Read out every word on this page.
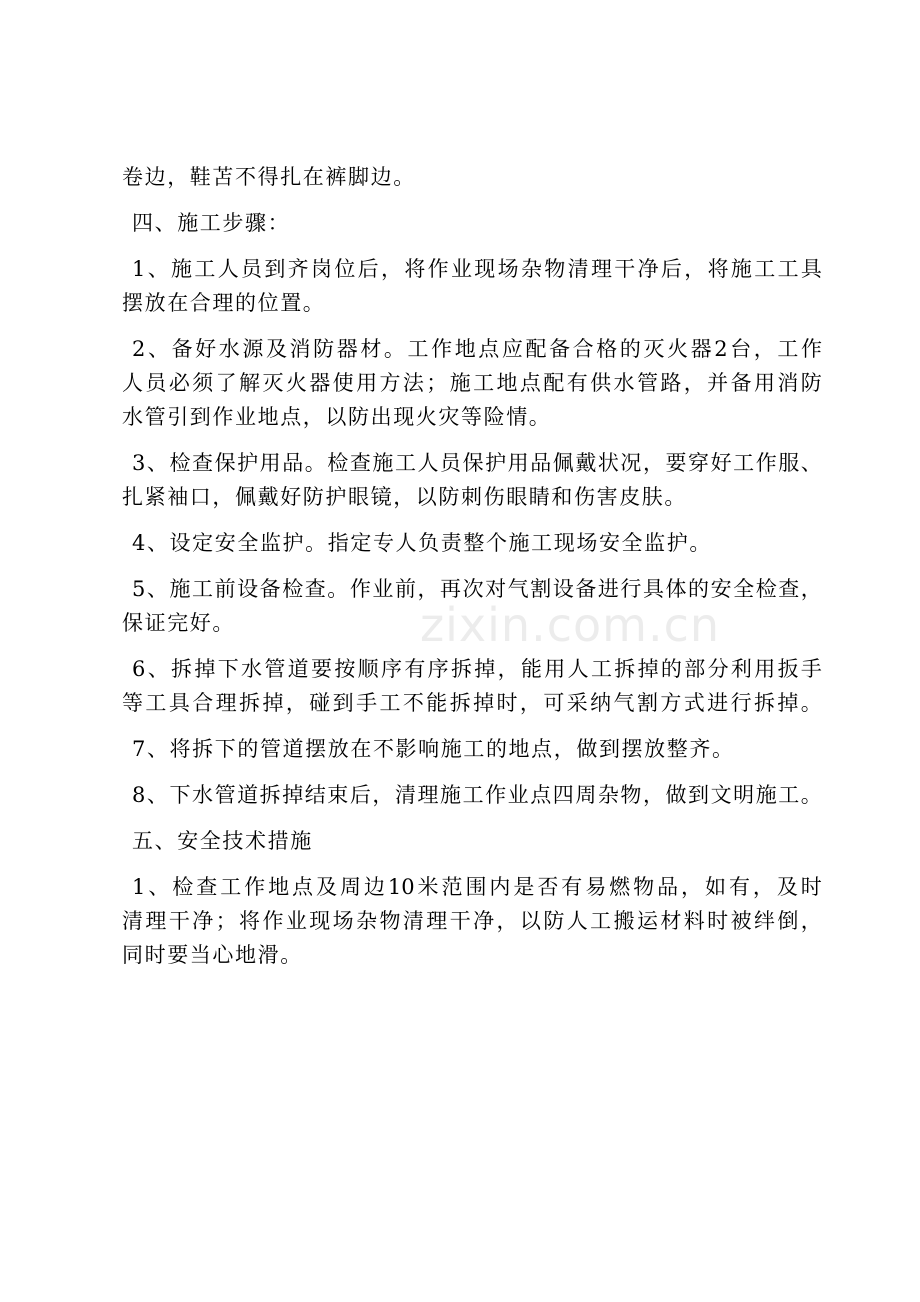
zixin.com.cn
卷边，鞋苫不得扎在裤脚边。
四、施工步骤：
1 、 施 工 人 员 到 齐 岗 位 后 ， 将 作 业 现 场 杂 物 清 理 干 净 后 ， 将 施 工 工 具
摆放在合理的位置。
2 、 备 好 水 源 及 消 防 器 材 。 工 作 地 点 应 配 备 合 格 的 灭 火 器 2 台 ， 工 作
人 员 必 须 了 解 灭 火 器 使 用 方 法 ； 施 工 地 点 配 有 供 水 管 路 ， 并 备 用 消 防
水管引到作业地点，以防出现火灾等险情。
3 、 检 查 保 护 用 品 。 检 查 施 工 人 员 保 护 用 品 佩 戴 状 况 ， 要 穿 好 工 作 服 、
扎紧袖口，佩戴好防护眼镜，以防刺伤眼睛和伤害皮肤。
4、设定安全监护。指定专人负责整个施工现场安全监护。
5 、 施 工 前 设 备 检 查 。 作 业 前 ， 再 次 对 气 割 设 备 进 行 具 体 的 安 全 检 查 ，
保证完好。
6 、 拆 掉 下 水 管 道 要 按 顺 序 有 序 拆 掉 ， 能 用 人 工 拆 掉 的 部 分 利 用 扳 手
等 工 具 合 理 拆 掉 ， 碰 到 手 工 不 能 拆 掉 时 ， 可 采 纳 气 割 方 式 进 行 拆 掉 。
7、将拆下的管道摆放在不影响施工的地点，做到摆放整齐。
8 、 下 水 管 道 拆 掉 结 束 后 ， 清 理 施 工 作 业 点 四 周 杂 物 ， 做 到 文 明 施 工 。
五、安全技术措施
1 、 检 查 工 作 地 点 及 周 边 10 米 范 围 内 是 否 有 易 燃 物 品 ， 如 有 ， 及 时
清 理 干 净 ； 将 作 业 现 场 杂 物 清 理 干 净 ， 以 防 人 工 搬 运 材 料 时 被 绊 倒 ，
同时要当心地滑。
